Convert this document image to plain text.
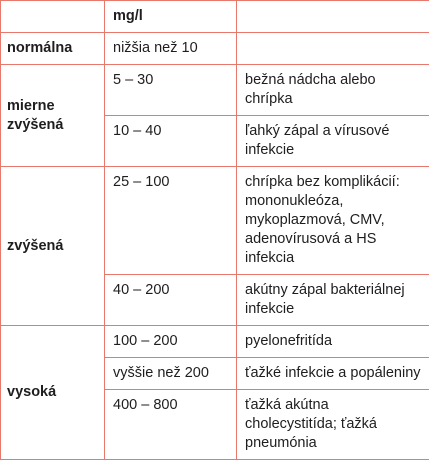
	mg/l	
normálna	nižšia než 10	
mierne zvýšená	5 – 30	bežná nádcha alebo chrípka
	10 – 40	ľahký zápal a vírusové infekcie
zvýšená	25 – 100	chrípka bez komplikácií: mononukleóza, mykoplazmová, CMV, adenovírusová a HS infekcia
	40 – 200	akútny zápal bakteriálnej infekcie
vysoká	100 – 200	pyelonefritída
	vyššie než 200	ťažké infekcie a popáleniny
	400 – 800	ťažká akútna cholecystitída; ťažká pneumónia
